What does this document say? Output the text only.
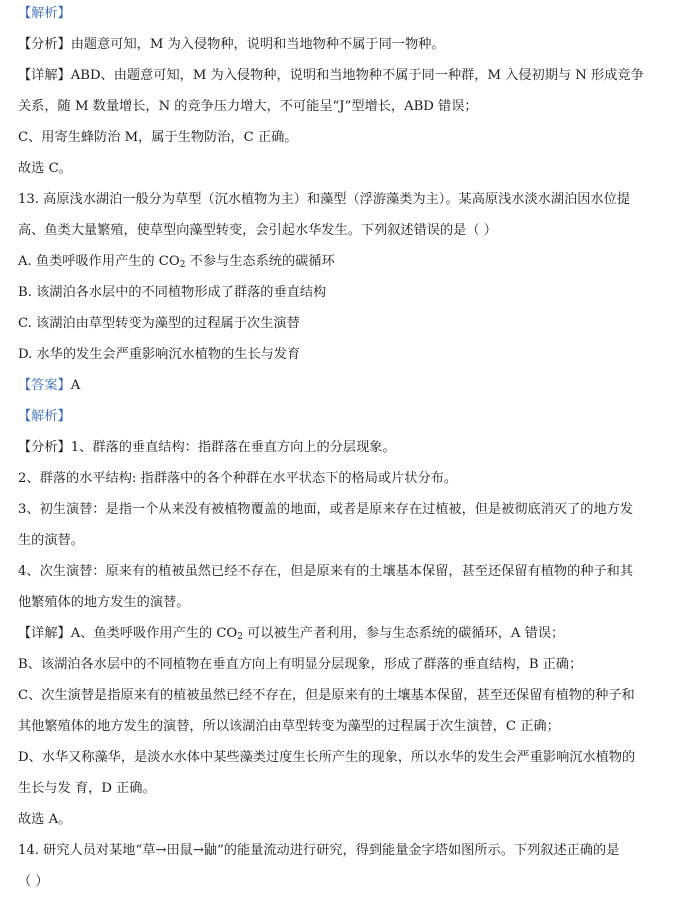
【解析】
【分析】由题意可知，M 为入侵物种，说明和当地物种不属于同一物种。
【详解】ABD、由题意可知，M 为入侵物种，说明和当地物种不属于同一种群，M 入侵初期与 N 形成竞争
关系，随 M 数量增长，N 的竞争压力增大，不可能呈“J”型增长，ABD 错误；
C、用寄生蜂防治 M，属于生物防治，C 正确。
故选 C。
13. 高原浅水湖泊一般分为草型（沉水植物为主）和藻型（浮游藻类为主）。某高原浅水淡水湖泊因水位提
高、鱼类大量繁殖，使草型向藻型转变，会引起水华发生。下列叙述错误的是（ ）
A. 鱼类呼吸作用产生的 $CO_2$ 不参与生态系统的碳循环
B. 该湖泊各水层中的不同植物形成了群落的垂直结构
C. 该湖泊由草型转变为藻型的过程属于次生演替
D. 水华的发生会严重影响沉水植物的生长与发育
【答案】A
【解析】
【分析】1、群落的垂直结构：指群落在垂直方向上的分层现象。
2、群落的水平结构: 指群落中的各个种群在水平状态下的格局或片状分布。
3、初生演替：是指一个从来没有被植物覆盖的地面，或者是原来存在过植被，但是被彻底消灭了的地方发
生的演替。
4、次生演替：原来有的植被虽然已经不存在，但是原来有的土壤基本保留，甚至还保留有植物的种子和其
他繁殖体的地方发生的演替。
【详解】A、鱼类呼吸作用产生的 $CO_2$ 可以被生产者利用，参与生态系统的碳循环，A 错误；
B、该湖泊各水层中的不同植物在垂直方向上有明显分层现象，形成了群落的垂直结构，B 正确；
C、次生演替是指原来有的植被虽然已经不存在，但是原来有的土壤基本保留，甚至还保留有植物的种子和
其他繁殖体的地方发生的演替，所以该湖泊由草型转变为藻型的过程属于次生演替，C 正确；
D、水华又称藻华，是淡水水体中某些藻类过度生长所产生的现象，所以水华的发生会严重影响沉水植物的
生长与发 育，D 正确。
故选 A。
14. 研究人员对某地“草→田鼠→鼬”的能量流动进行研究，得到能量金字塔如图所示。下列叙述正确的是
（ ）
